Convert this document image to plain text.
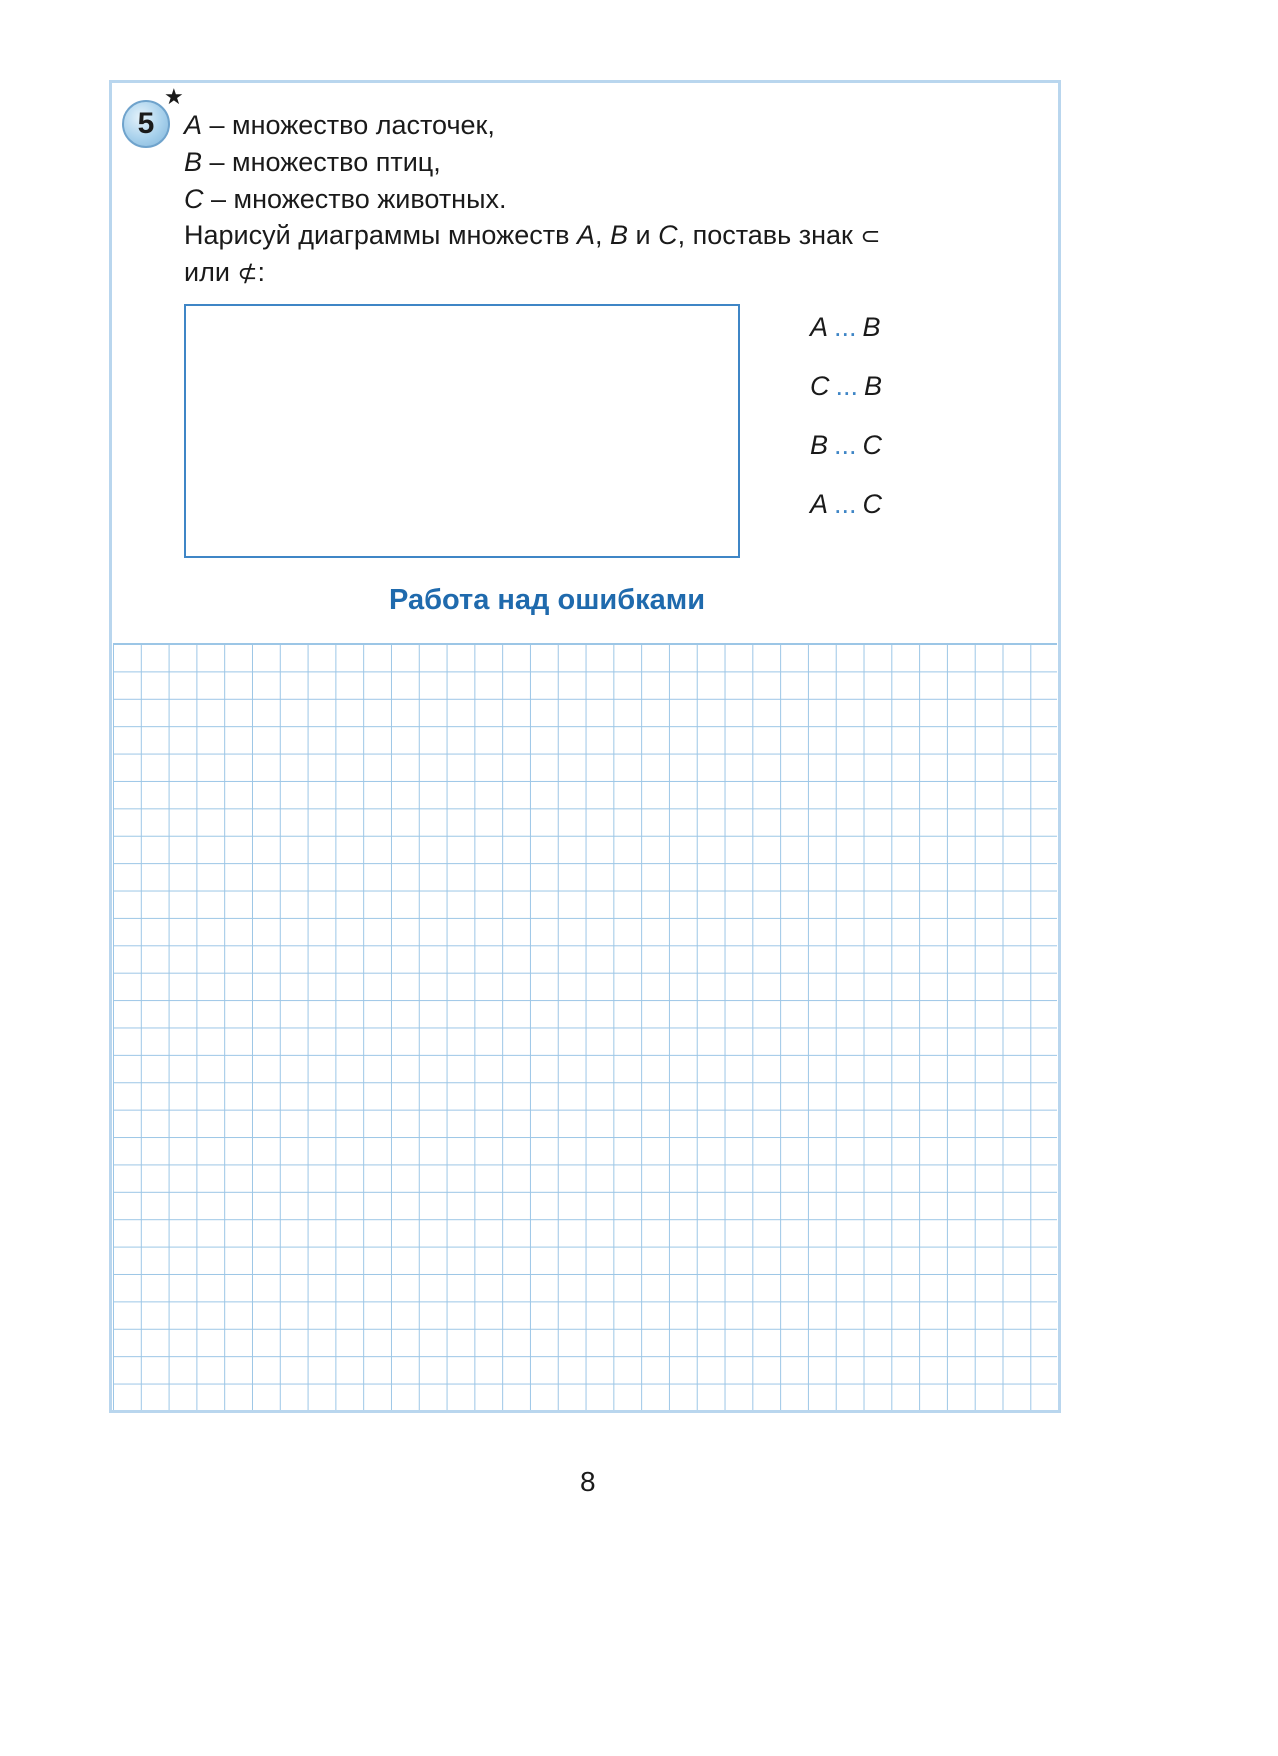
5
★
A – множество ласточек,
B – множество птиц,
C – множество животных.
Нарисуй диаграммы множеств A, B и C, поставь знак ⊂
или ⊄:
A ... B
C ... B
B ... C
A ... C
Работа над ошибками
8
